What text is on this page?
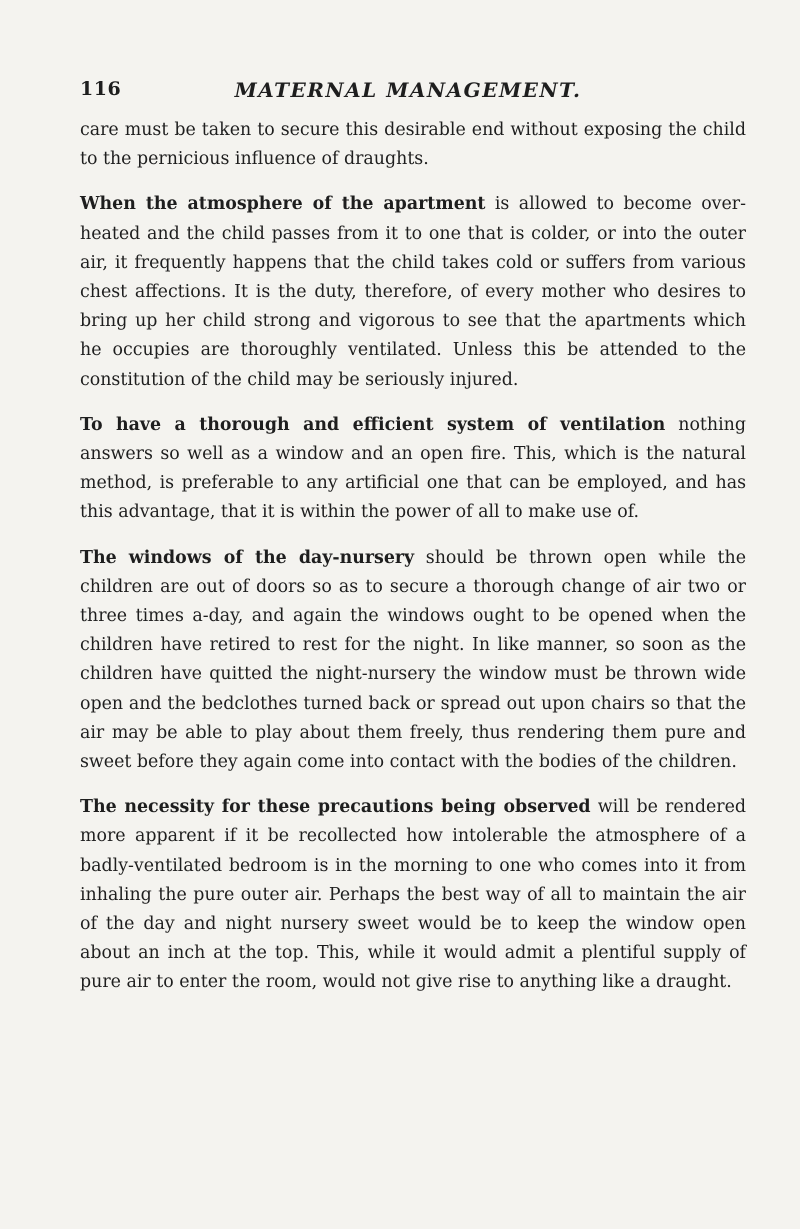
116	MATERNAL MANAGEMENT.

care must be taken to secure this desirable end without exposing the child to the pernicious influence of draughts.

When the atmosphere of the apartment is allowed to become over-heated and the child passes from it to one that is colder, or into the outer air, it frequently happens that the child takes cold or suffers from various chest affections. It is the duty, therefore, of every mother who desires to bring up her child strong and vigorous to see that the apartments which he occupies are thoroughly ventilated. Unless this be attended to the constitution of the child may be seriously injured.

To have a thorough and efficient system of ventilation nothing answers so well as a window and an open fire. This, which is the natural method, is preferable to any artificial one that can be employed, and has this advantage, that it is within the power of all to make use of.

The windows of the day-nursery should be thrown open while the children are out of doors so as to secure a thorough change of air two or three times a-day, and again the windows ought to be opened when the children have retired to rest for the night. In like manner, so soon as the children have quitted the night-nursery the window must be thrown wide open and the bedclothes turned back or spread out upon chairs so that the air may be able to play about them freely, thus rendering them pure and sweet before they again come into contact with the bodies of the children.

The necessity for these precautions being observed will be rendered more apparent if it be recollected how intolerable the atmosphere of a badly-ventilated bedroom is in the morning to one who comes into it from inhaling the pure outer air. Perhaps the best way of all to maintain the air of the day and night nursery sweet would be to keep the window open about an inch at the top. This, while it would admit a plentiful supply of pure air to enter the room, would not give rise to anything like a draught.
